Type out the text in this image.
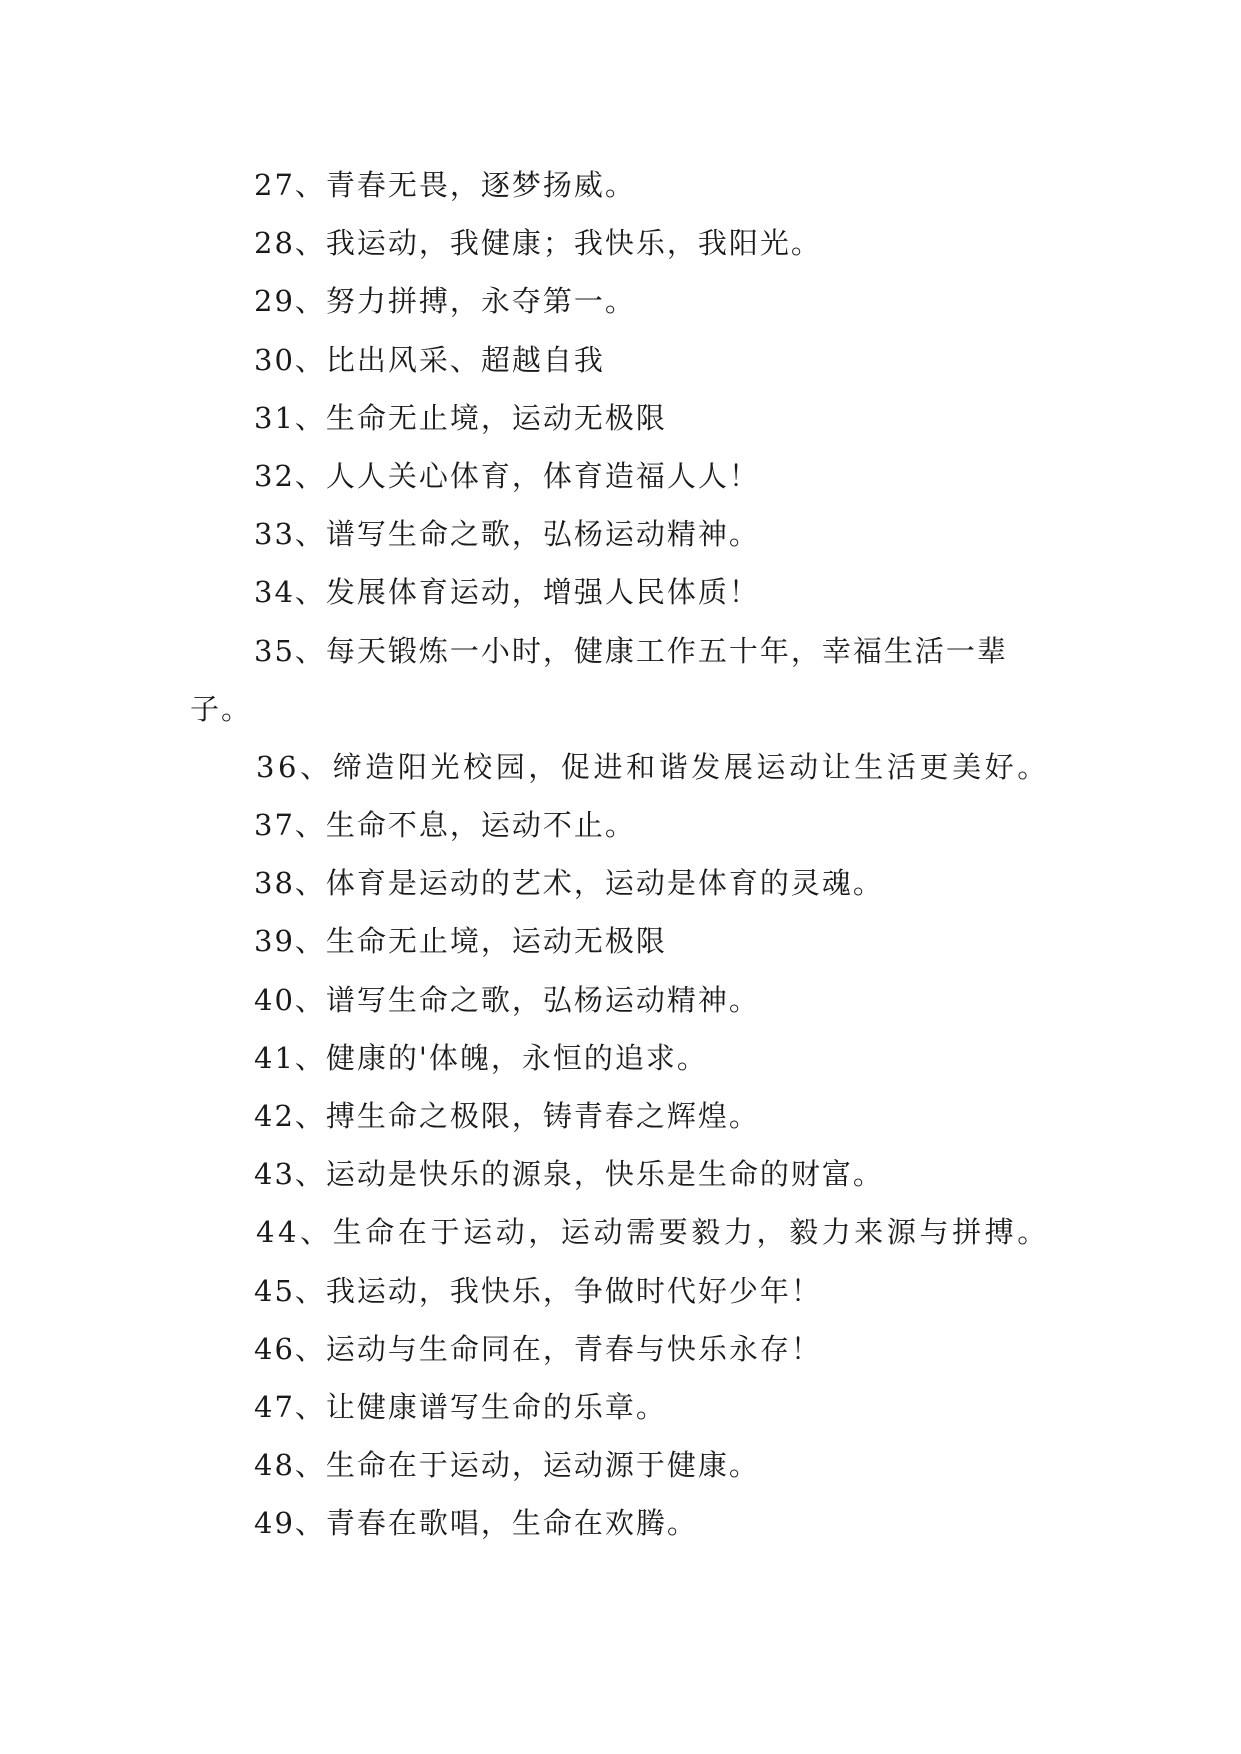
27、青春无畏，逐梦扬威。
28、我运动，我健康；我快乐，我阳光。
29、努力拼搏，永夺第一。
30、比出风采、超越自我
31、生命无止境，运动无极限
32、人人关心体育，体育造福人人！
33、谱写生命之歌，弘杨运动精神。
34、发展体育运动，增强人民体质！
35、每天锻炼一小时，健康工作五十年，幸福生活一辈
子。
36、缔造阳光校园，促进和谐发展运动让生活更美好。
37、生命不息，运动不止。
38、体育是运动的艺术，运动是体育的灵魂。
39、生命无止境，运动无极限
40、谱写生命之歌，弘杨运动精神。
41、健康的'体魄，永恒的追求。
42、搏生命之极限，铸青春之辉煌。
43、运动是快乐的源泉，快乐是生命的财富。
44、生命在于运动，运动需要毅力，毅力来源与拼搏。
45、我运动，我快乐，争做时代好少年！
46、运动与生命同在，青春与快乐永存！
47、让健康谱写生命的乐章。
48、生命在于运动，运动源于健康。
49、青春在歌唱，生命在欢腾。
